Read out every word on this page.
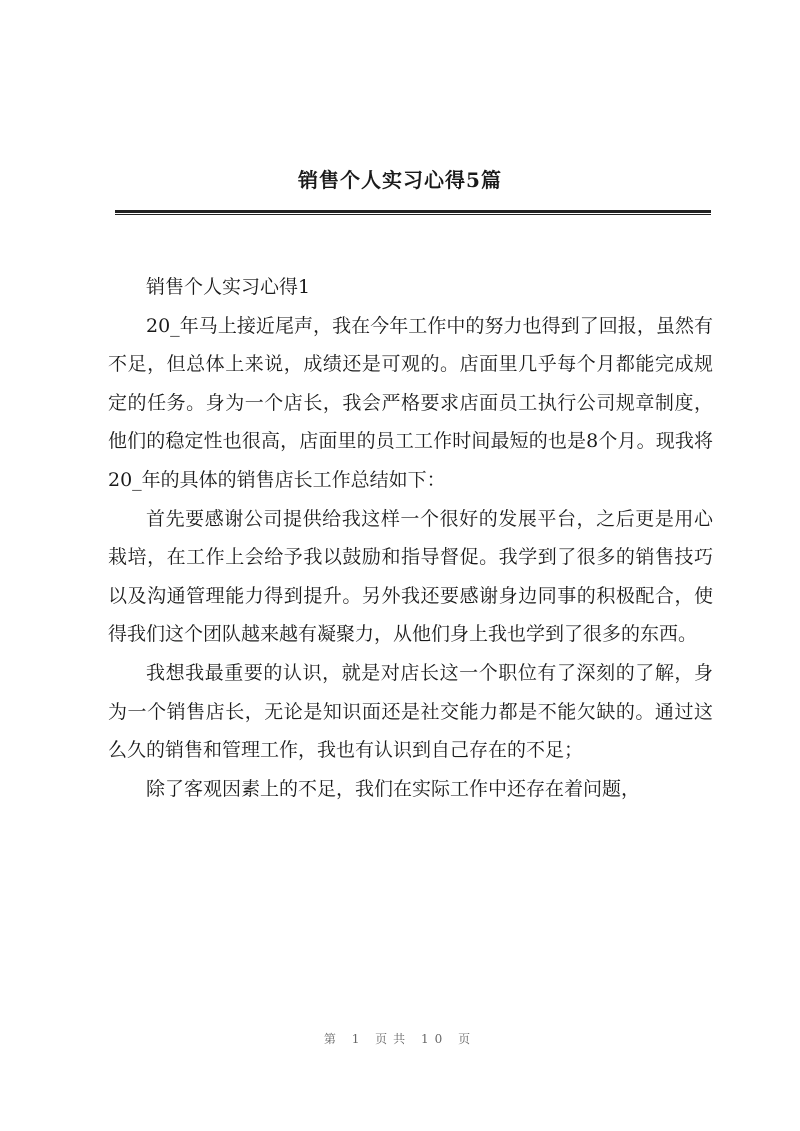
销售个人实习心得5篇

销售个人实习心得1

20_年马上接近尾声，我在今年工作中的努力也得到了回报，虽然有不足，但总体上来说，成绩还是可观的。店面里几乎每个月都能完成规定的任务。身为一个店长，我会严格要求店面员工执行公司规章制度，他们的稳定性也很高，店面里的员工工作时间最短的也是8个月。现我将20_年的具体的销售店长工作总结如下：

首先要感谢公司提供给我这样一个很好的发展平台，之后更是用心栽培，在工作上会给予我以鼓励和指导督促。我学到了很多的销售技巧以及沟通管理能力得到提升。另外我还要感谢身边同事的积极配合，使得我们这个团队越来越有凝聚力，从他们身上我也学到了很多的东西。

我想我最重要的认识，就是对店长这一个职位有了深刻的了解，身为一个销售店长，无论是知识面还是社交能力都是不能欠缺的。通过这么久的销售和管理工作，我也有认识到自己存在的不足；

除了客观因素上的不足，我们在实际工作中还存在着问题，

第 1 页共 10 页
